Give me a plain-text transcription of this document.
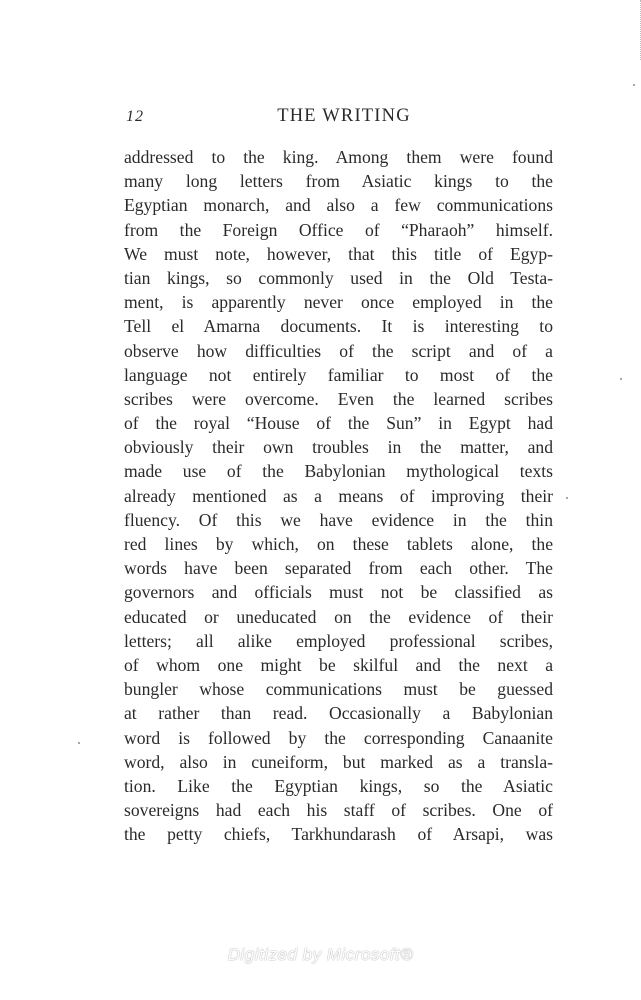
12	THE WRITING
addressed to the king. Among them were found
many long letters from Asiatic kings to the
Egyptian monarch, and also a few communications
from the Foreign Office of “Pharaoh” himself.
We must note, however, that this title of Egyp-
tian kings, so commonly used in the Old Testa-
ment, is apparently never once employed in the
Tell el Amarna documents. It is interesting to
observe how difficulties of the script and of a
language not entirely familiar to most of the
scribes were overcome. Even the learned scribes
of the royal “House of the Sun” in Egypt had
obviously their own troubles in the matter, and
made use of the Babylonian mythological texts
already mentioned as a means of improving their
fluency. Of this we have evidence in the thin
red lines by which, on these tablets alone, the
words have been separated from each other. The
governors and officials must not be classified as
educated or uneducated on the evidence of their
letters; all alike employed professional scribes,
of whom one might be skilful and the next a
bungler whose communications must be guessed
at rather than read. Occasionally a Babylonian
word is followed by the corresponding Canaanite
word, also in cuneiform, but marked as a transla-
tion. Like the Egyptian kings, so the Asiatic
sovereigns had each his staff of scribes. One of
the petty chiefs, Tarkhundarash of Arsapi, was
Digitized by Microsoft®
